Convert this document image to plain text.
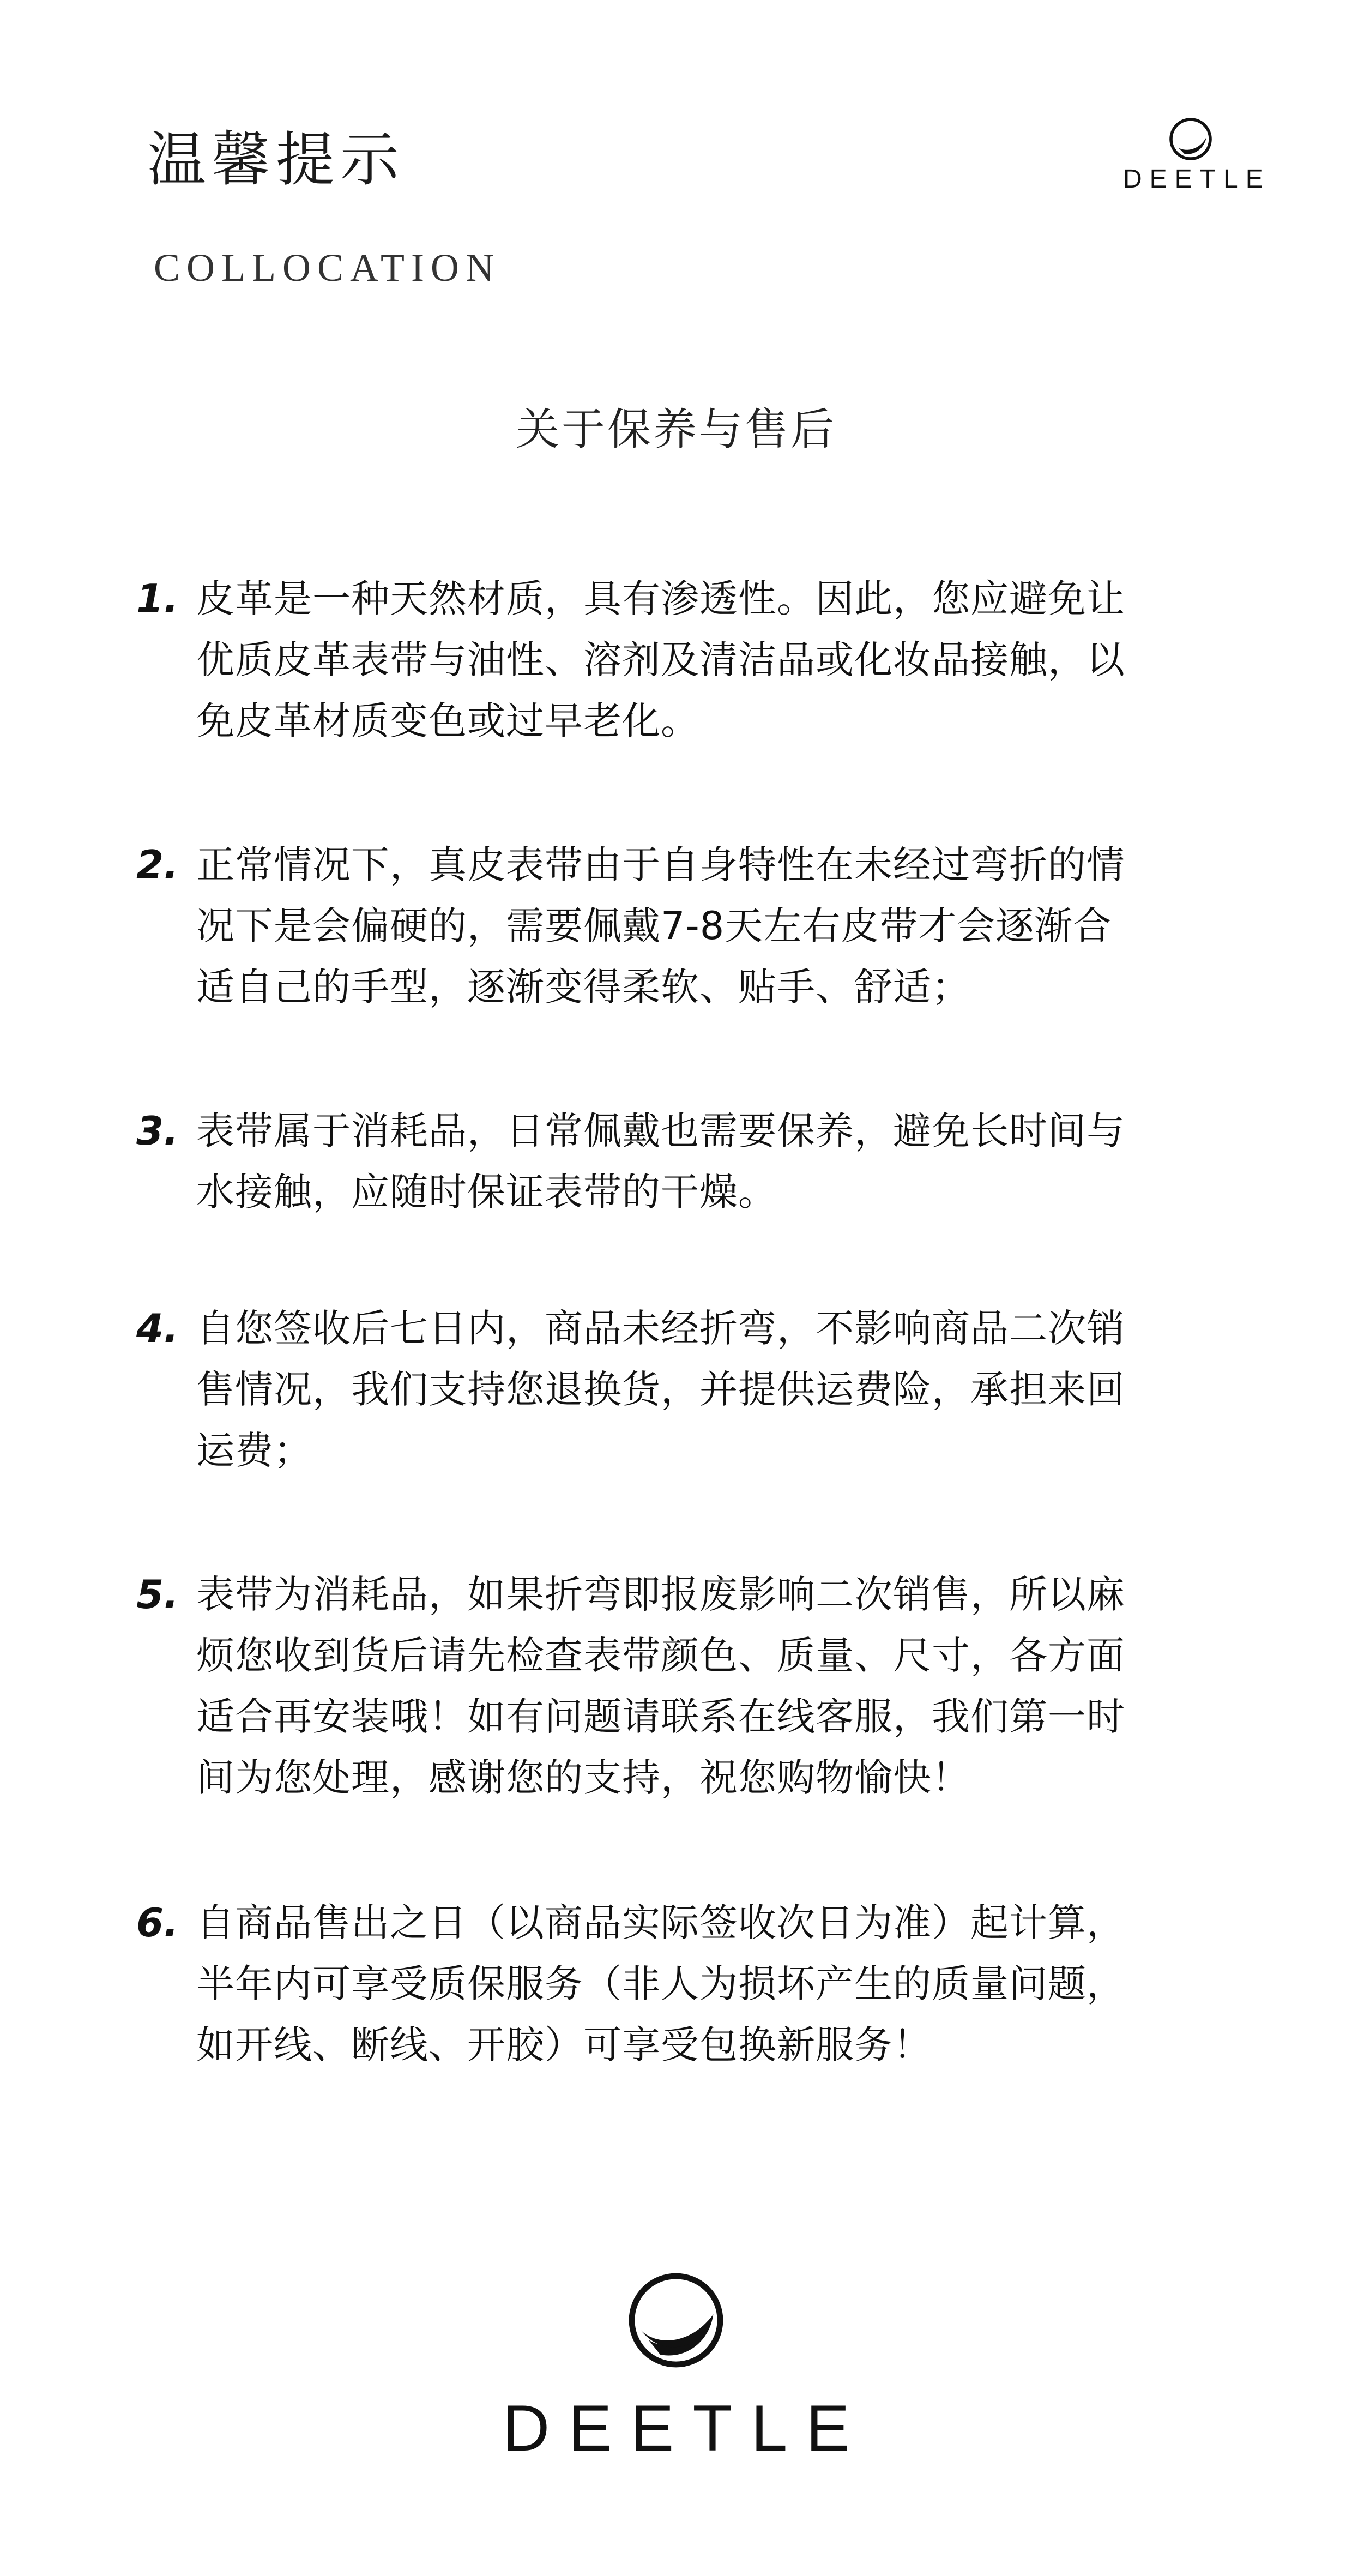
温馨提示
COLLOCATION
DEETLE
关于保养与售后
1. 皮革是一种天然材质，具有渗透性。因此，您应避免让
优质皮革表带与油性、溶剂及清洁品或化妆品接触，以
免皮革材质变色或过早老化。
2. 正常情况下，真皮表带由于自身特性在未经过弯折的情
况下是会偏硬的，需要佩戴7-8天左右皮带才会逐渐合
适自己的手型，逐渐变得柔软、贴手、舒适；
3. 表带属于消耗品，日常佩戴也需要保养，避免长时间与
水接触，应随时保证表带的干燥。
4. 自您签收后七日内，商品未经折弯，不影响商品二次销
售情况，我们支持您退换货，并提供运费险，承担来回
运费；
5. 表带为消耗品，如果折弯即报废影响二次销售，所以麻
烦您收到货后请先检查表带颜色、质量、尺寸，各方面
适合再安装哦！如有问题请联系在线客服，我们第一时
间为您处理，感谢您的支持，祝您购物愉快！
6. 自商品售出之日（以商品实际签收次日为准）起计算，
半年内可享受质保服务（非人为损坏产生的质量问题，
如开线、断线、开胶）可享受包换新服务！
DEETLE
